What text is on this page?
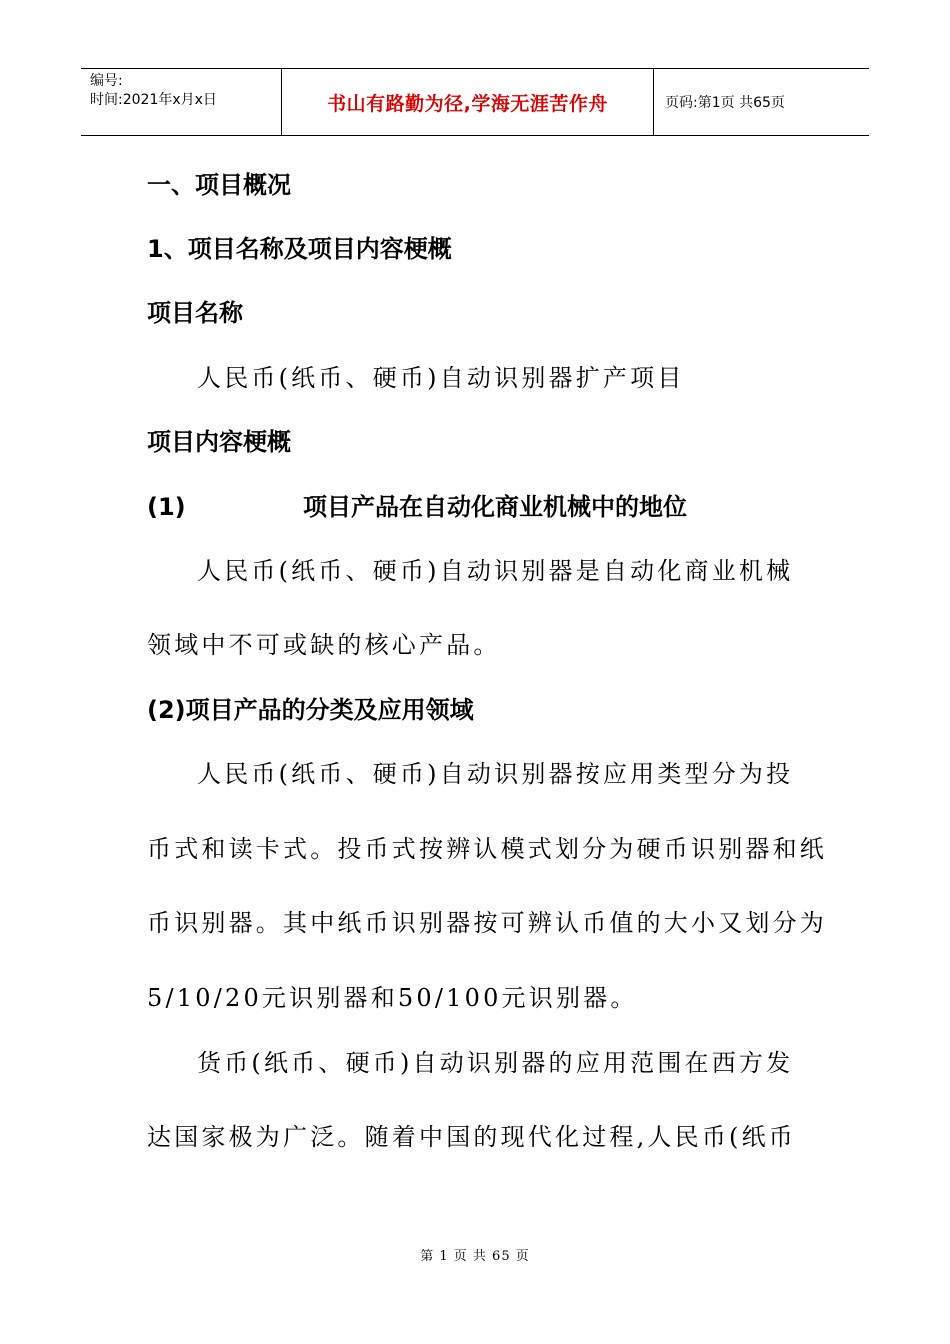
编号:
时间:2021年x月x日	书山有路勤为径,学海无涯苦作舟	页码:第1页 共65页
一、项目概况
1、项目名称及项目内容梗概
项目名称
人民币(纸币、硬币)自动识别器扩产项目
项目内容梗概
(1)	项目产品在自动化商业机械中的地位
人民币(纸币、硬币)自动识别器是自动化商业机械
领域中不可或缺的核心产品。
(2)项目产品的分类及应用领域
人民币(纸币、硬币)自动识别器按应用类型分为投
币式和读卡式。投币式按辨认模式划分为硬币识别器和纸
币识别器。其中纸币识别器按可辨认币值的大小又划分为
5/10/20元识别器和50/100元识别器。
货币(纸币、硬币)自动识别器的应用范围在西方发
达国家极为广泛。随着中国的现代化过程,人民币(纸币
第 1 页 共 65 页
